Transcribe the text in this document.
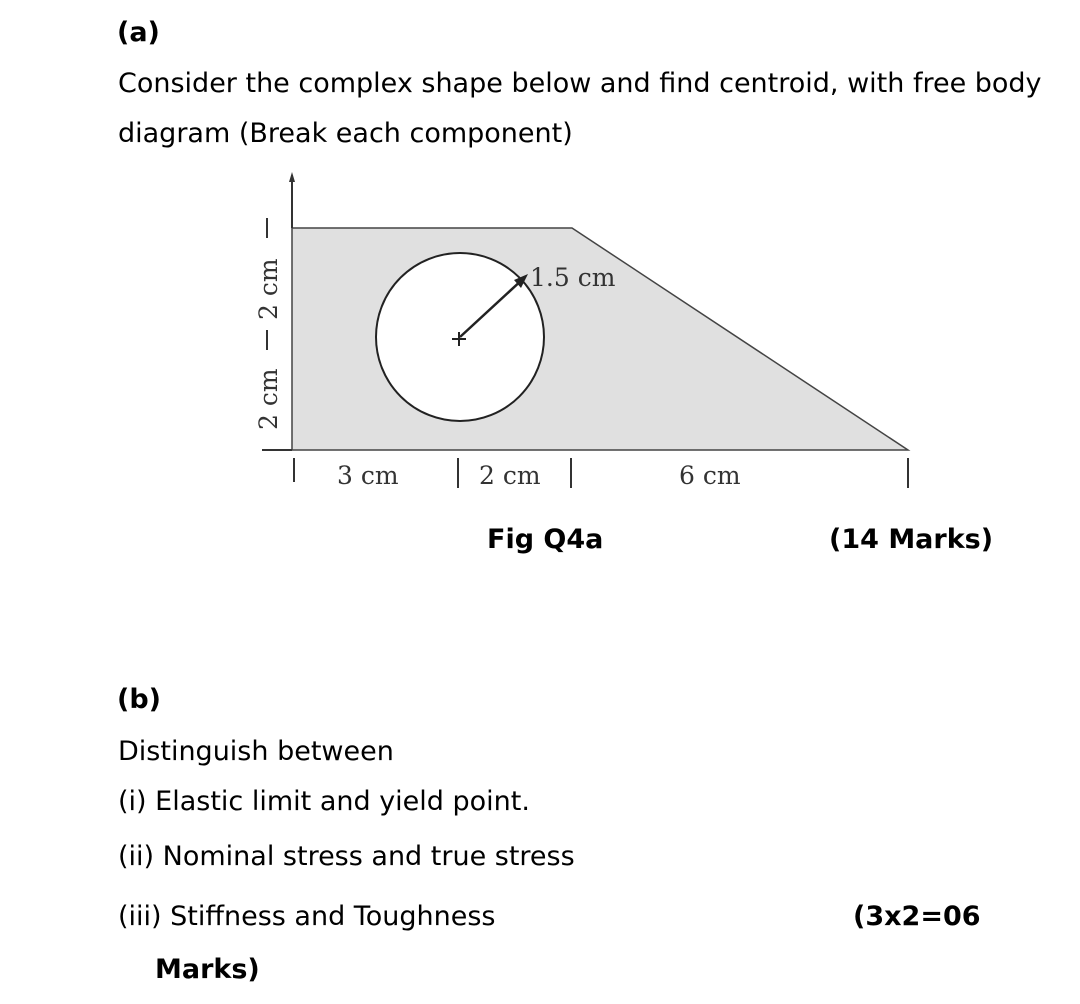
(a)
Consider the complex shape below and find centroid, with free body
diagram (Break each component)
1.5 cm
2 cm
2 cm
3 cm	2 cm	6 cm
Fig Q4a	(14 Marks)
(b)
Distinguish between
(i) Elastic limit and yield point.
(ii) Nominal stress and true stress
(iii) Stiffness and Toughness	(3x2=06
Marks)
